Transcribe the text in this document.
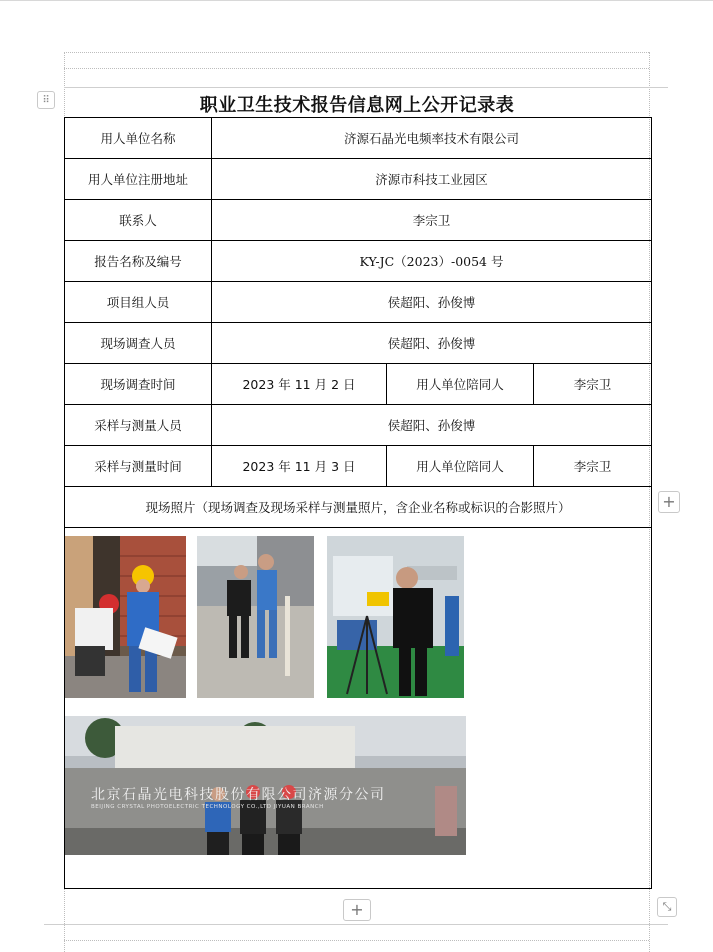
⠿	职业卫生技术报告信息网上公开记录表
用人单位名称	济源石晶光电频率技术有限公司		
用人单位注册地址	济源市科技工业园区		
联系人	李宗卫		
报告名称及编号	KY-JC（2023）-0054 号		
项目组人员	侯超阳、孙俊博		
现场调查人员	侯超阳、孙俊博		
现场调查时间	2023 年 11 月 2 日	用人单位陪同人	李宗卫
采样与测量人员	侯超阳、孙俊博		
采样与测量时间	2023 年 11 月 3 日	用人单位陪同人	李宗卫
现场照片（现场调查及现场采样与测量照片，含企业名称或标识的合影照片）			

北京石晶光电科技股份有限公司济源分公司
BEIJING CRYSTAL PHOTOELECTRIC TECHNOLOGY CO.,LTD JIYUAN BRANCH			
+
+	⤡
